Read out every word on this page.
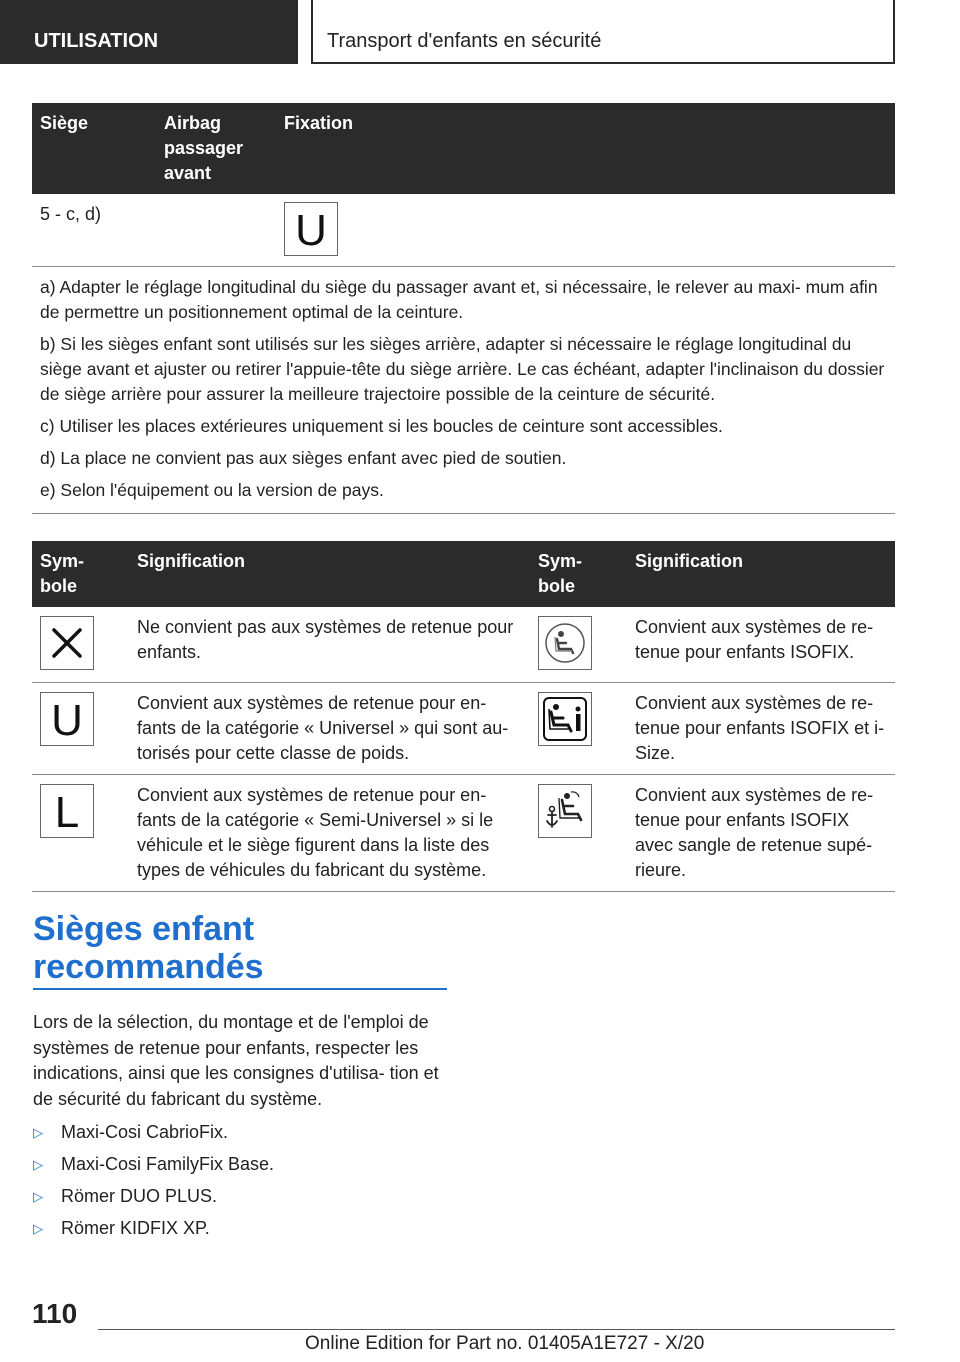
UTILISATION	Transport d'enfants en sécurité
Siège	Airbag passager avant	Fixation
5 - c, d)		U

a) Adapter le réglage longitudinal du siège du passager avant et, si nécessaire, le relever au maxi- mum afin de permettre un positionnement optimal de la ceinture.

b) Si les sièges enfant sont utilisés sur les sièges arrière, adapter si nécessaire le réglage longitudinal du siège avant et ajuster ou retirer l'appuie-tête du siège arrière. Le cas échéant, adapter l'inclinaison du dossier de siège arrière pour assurer la meilleure trajectoire possible de la ceinture de sécurité.

c) Utiliser les places extérieures uniquement si les boucles de ceinture sont accessibles.

d) La place ne convient pas aux sièges enfant avec pied de soutien.

e) Selon l'équipement ou la version de pays.		

Sym- bole	Signification	Sym- bole	Signification

	Ne convient pas aux systèmes de retenue pour enfants.		Convient aux systèmes de re- tenue pour enfants ISOFIX.

U	Convient aux systèmes de retenue pour en- fants de la catégorie « Universel » qui sont au- torisés pour cette classe de poids.		Convient aux systèmes de re- tenue pour enfants ISOFIX et i-Size.

L	Convient aux systèmes de retenue pour en- fants de la catégorie « Semi-Universel » si le véhicule et le siège figurent dans la liste des types de véhicules du fabricant du système.		Convient aux systèmes de re- tenue pour enfants ISOFIX avec sangle de retenue supé- rieure.
Sièges enfant
recommandés

Lors de la sélection, du montage et de l'emploi de systèmes de retenue pour enfants, respecter les indications, ainsi que les consignes d'utilisa- tion et de sécurité du fabricant du système.

▷	Maxi-Cosi CabrioFix.
▷	Maxi-Cosi FamilyFix Base.
▷	Römer DUO PLUS.
▷	Römer KIDFIX XP.
110
Online Edition for Part no. 01405A1E727 - X/20
